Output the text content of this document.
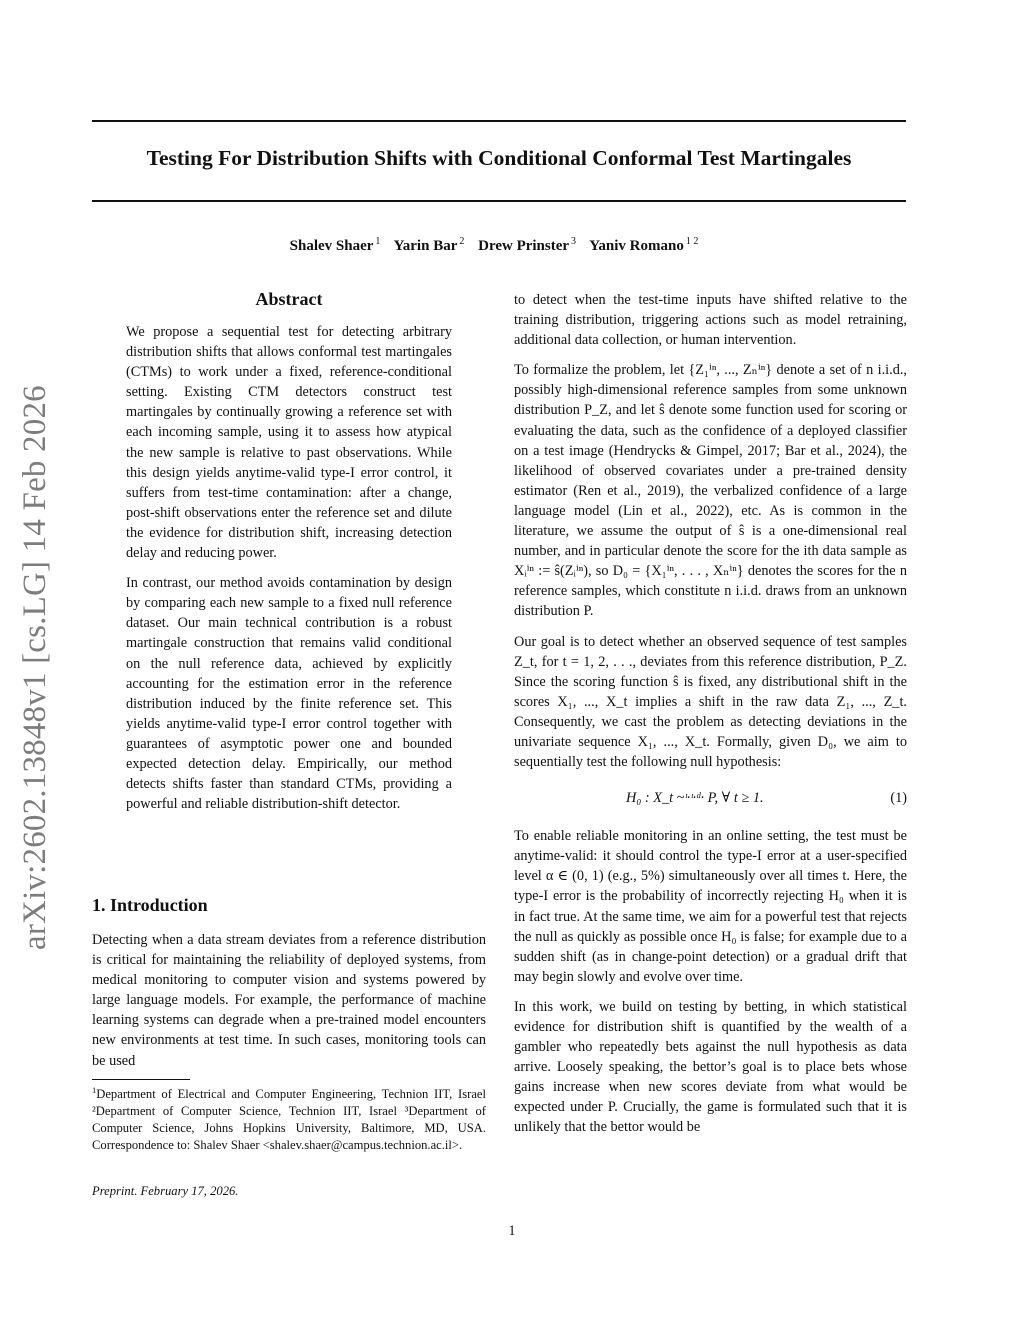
Testing For Distribution Shifts with Conditional Conformal Test Martingales
Shalev Shaer $^1$ Yarin Bar $^2$ Drew Prinster $^3$ Yaniv Romano $^{1 2}$
arXiv:2602.13848v1 [cs.LG] 14 Feb 2026
Abstract

We propose a sequential test for detecting arbitrary distribution shifts that allows conformal test martingales (CTMs) to work under a fixed, reference-conditional setting. Existing CTM detectors construct test martingales by continually growing a reference set with each incoming sample, using it to assess how atypical the new sample is relative to past observations. While this design yields anytime-valid type-I error control, it suffers from test-time contamination: after a change, post-shift observations enter the reference set and dilute the evidence for distribution shift, increasing detection delay and reducing power.

In contrast, our method avoids contamination by design by comparing each new sample to a fixed null reference dataset. Our main technical contribution is a robust martingale construction that remains valid conditional on the null reference data, achieved by explicitly accounting for the estimation error in the reference distribution induced by the finite reference set. This yields anytime-valid type-I error control together with guarantees of asymptotic power one and bounded expected detection delay. Empirically, our method detects shifts faster than standard CTMs, providing a powerful and reliable distribution-shift detector.

1. Introduction

Detecting when a data stream deviates from a reference distribution is critical for maintaining the reliability of deployed systems, from medical monitoring to computer vision and systems powered by large language models. For example, the performance of machine learning systems can degrade when a pre-trained model encounters new environments at test time. In such cases, monitoring tools can be used

$^1$Department of Electrical and Computer Engineering, Technion IIT, Israel ²Department of Computer Science, Technion IIT, Israel ³Department of Computer Science, Johns Hopkins University, Baltimore, MD, USA. Correspondence to: Shalev Shaer <shalev.shaer@campus.technion.ac.il>.
Preprint. February 17, 2026.

to detect when the test-time inputs have shifted relative to the training distribution, triggering actions such as model retraining, additional data collection, or human intervention.

To formalize the problem, let {Z₁ⁱⁿ, ..., Zₙⁱⁿ} denote a set of n i.i.d., possibly high-dimensional reference samples from some unknown distribution P_Z, and let ŝ denote some function used for scoring or evaluating the data, such as the confidence of a deployed classifier on a test image (Hendrycks & Gimpel, 2017; Bar et al., 2024), the likelihood of observed covariates under a pre-trained density estimator (Ren et al., 2019), the verbalized confidence of a large language model (Lin et al., 2022), etc. As is common in the literature, we assume the output of ŝ is a one-dimensional real number, and in particular denote the score for the ith data sample as Xᵢⁱⁿ := ŝ(Zᵢⁱⁿ), so D₀ = {X₁ⁱⁿ, . . . , Xₙⁱⁿ} denotes the scores for the n reference samples, which constitute n i.i.d. draws from an unknown distribution P.

Our goal is to detect whether an observed sequence of test samples Z_t, for t = 1, 2, . . ., deviates from this reference distribution, P_Z. Since the scoring function ŝ is fixed, any distributional shift in the scores X₁, ..., X_t implies a shift in the raw data Z₁, ..., Z_t. Consequently, we cast the problem as detecting deviations in the univariate sequence X₁, ..., X_t. Formally, given D₀, we aim to sequentially test the following null hypothesis:

H₀ : X_t ~ᶦ·ᶦ·ᵈ· P, ∀ t ≥ 1.	(1)

To enable reliable monitoring in an online setting, the test must be anytime-valid: it should control the type-I error at a user-specified level α ∈ (0, 1) (e.g., 5%) simultaneously over all times t. Here, the type-I error is the probability of incorrectly rejecting H₀ when it is in fact true. At the same time, we aim for a powerful test that rejects the null as quickly as possible once H₀ is false; for example due to a sudden shift (as in change-point detection) or a gradual drift that may begin slowly and evolve over time.

In this work, we build on testing by betting, in which statistical evidence for distribution shift is quantified by the wealth of a gambler who repeatedly bets against the null hypothesis as data arrive. Loosely speaking, the bettor’s goal is to place bets whose gains increase when new scores deviate from what would be expected under P. Crucially, the game is formulated such that it is unlikely that the bettor would be

1
